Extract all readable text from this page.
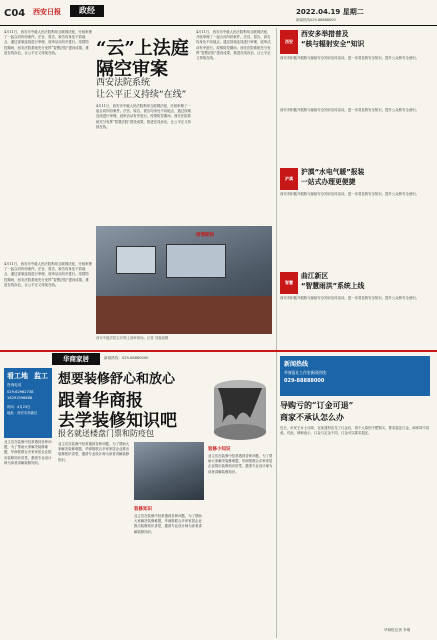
C04 西安日报	政经	2022.04.19 星期二
新闻热线029-88888000
4月11日，西安市中级人民法院利用互联网法庭，开庭审理了一起合同纠纷案件。法官、原告、被告均身处不同地点，通过视频连线进行审理，庭审活动有序进行。疫情防控期间，西安法院系统充分发挥“智慧法院”建设成果，推进在线诉讼，让公平正义持续在线。	“云”上法庭
隔空审案
西安法院系统
让公平正义持续“在线”
4月11日，西安市中级人民法院利用互联网法庭，开庭审理了一起合同纠纷案件。法官、原告、被告均身处不同地点，通过视频连线进行审理，庭审活动有序进行。疫情防控期间，西安法院系统充分发挥“智慧法院”建设成果，推进在线诉讼，让公平正义持续在线。
4月11日，西安市中级人民法院利用互联网法庭，开庭审理了一起合同纠纷案件。法官、原告、被告均身处不同地点，通过视频连线进行审理，庭审活动有序进行。疫情防控期间，西安法院系统充分发挥“智慧法院”建设成果，推进在线诉讼，让公平正义持续在线。
西安中级法院召开网上庭审现场。记者 刘嘉丽摄
4月11日，西安市中级人民法院利用互联网法庭，开庭审理了一起合同纠纷案件。法官、原告、被告均身处不同地点，通过视频连线进行审理，庭审活动有序进行。疫情防控期间，西安法院系统充分发挥“智慧法院”建设成果，推进在线诉讼，让公平正义持续在线。
疫情期间
西安
西安多举措普及
“核与辐射安全”知识
西安市积极开展核与辐射安全知识宣传活动，进一步普及核安全知识，提升公众核安全意识。
西安市积极开展核与辐射安全知识宣传活动，进一步普及核安全知识，提升公众核安全意识。
沪滇
沪滇“水电气暖”报装
一站式办理更便捷
西安市积极开展核与辐射安全知识宣传活动，进一步普及核安全知识，提升公众核安全意识。
智慧
曲江新区
“智慧雨洪”系统上线
西安市积极开展核与辐射安全知识宣传活动，进一步普及核安全知识，提升公众核安全意识。
华商家居	新闻热线：029-88880000
看工地 监工
咨询电话
029-62962738
16291996888
时间：4月23日
地址：西安市高新区
业主们在装修中经常遇到各种问题，为了帮助大家解决装修难题，华商报联合多家家居企业推出装修知识讲堂，邀请专业设计师为读者讲解装修知识。
想要装修舒心和放心
跟着华商报
去学装修知识吧
报名就送楼盘门票和防疫包
业主们在装修中经常遇到各种问题，为了帮助大家解决装修难题，华商报联合多家家居企业推出装修知识讲堂，邀请专业设计师为读者讲解装修知识。
装修知识
业主们在装修中经常遇到各种问题，为了帮助大家解决装修难题，华商报联合多家家居企业推出装修知识讲堂，邀请专业设计师为读者讲解装修知识。
装修小知识
业主们在装修中经常遇到各种问题，为了帮助大家解决装修难题，华商报联合多家家居企业推出装修知识讲堂，邀请专业设计师为读者讲解装修知识。
新闻热线
华商报社工作室新闻热线：
029-88888000
导购亏的“订金可退”
商家不承认怎么办
近日，市民王女士反映，在某建材店交了订金后，因个人原因不想购买，要求退还订金，商家却不同意。对此，律师表示，订金与定金不同，订金可以要求退还。
华商报记者 李明
